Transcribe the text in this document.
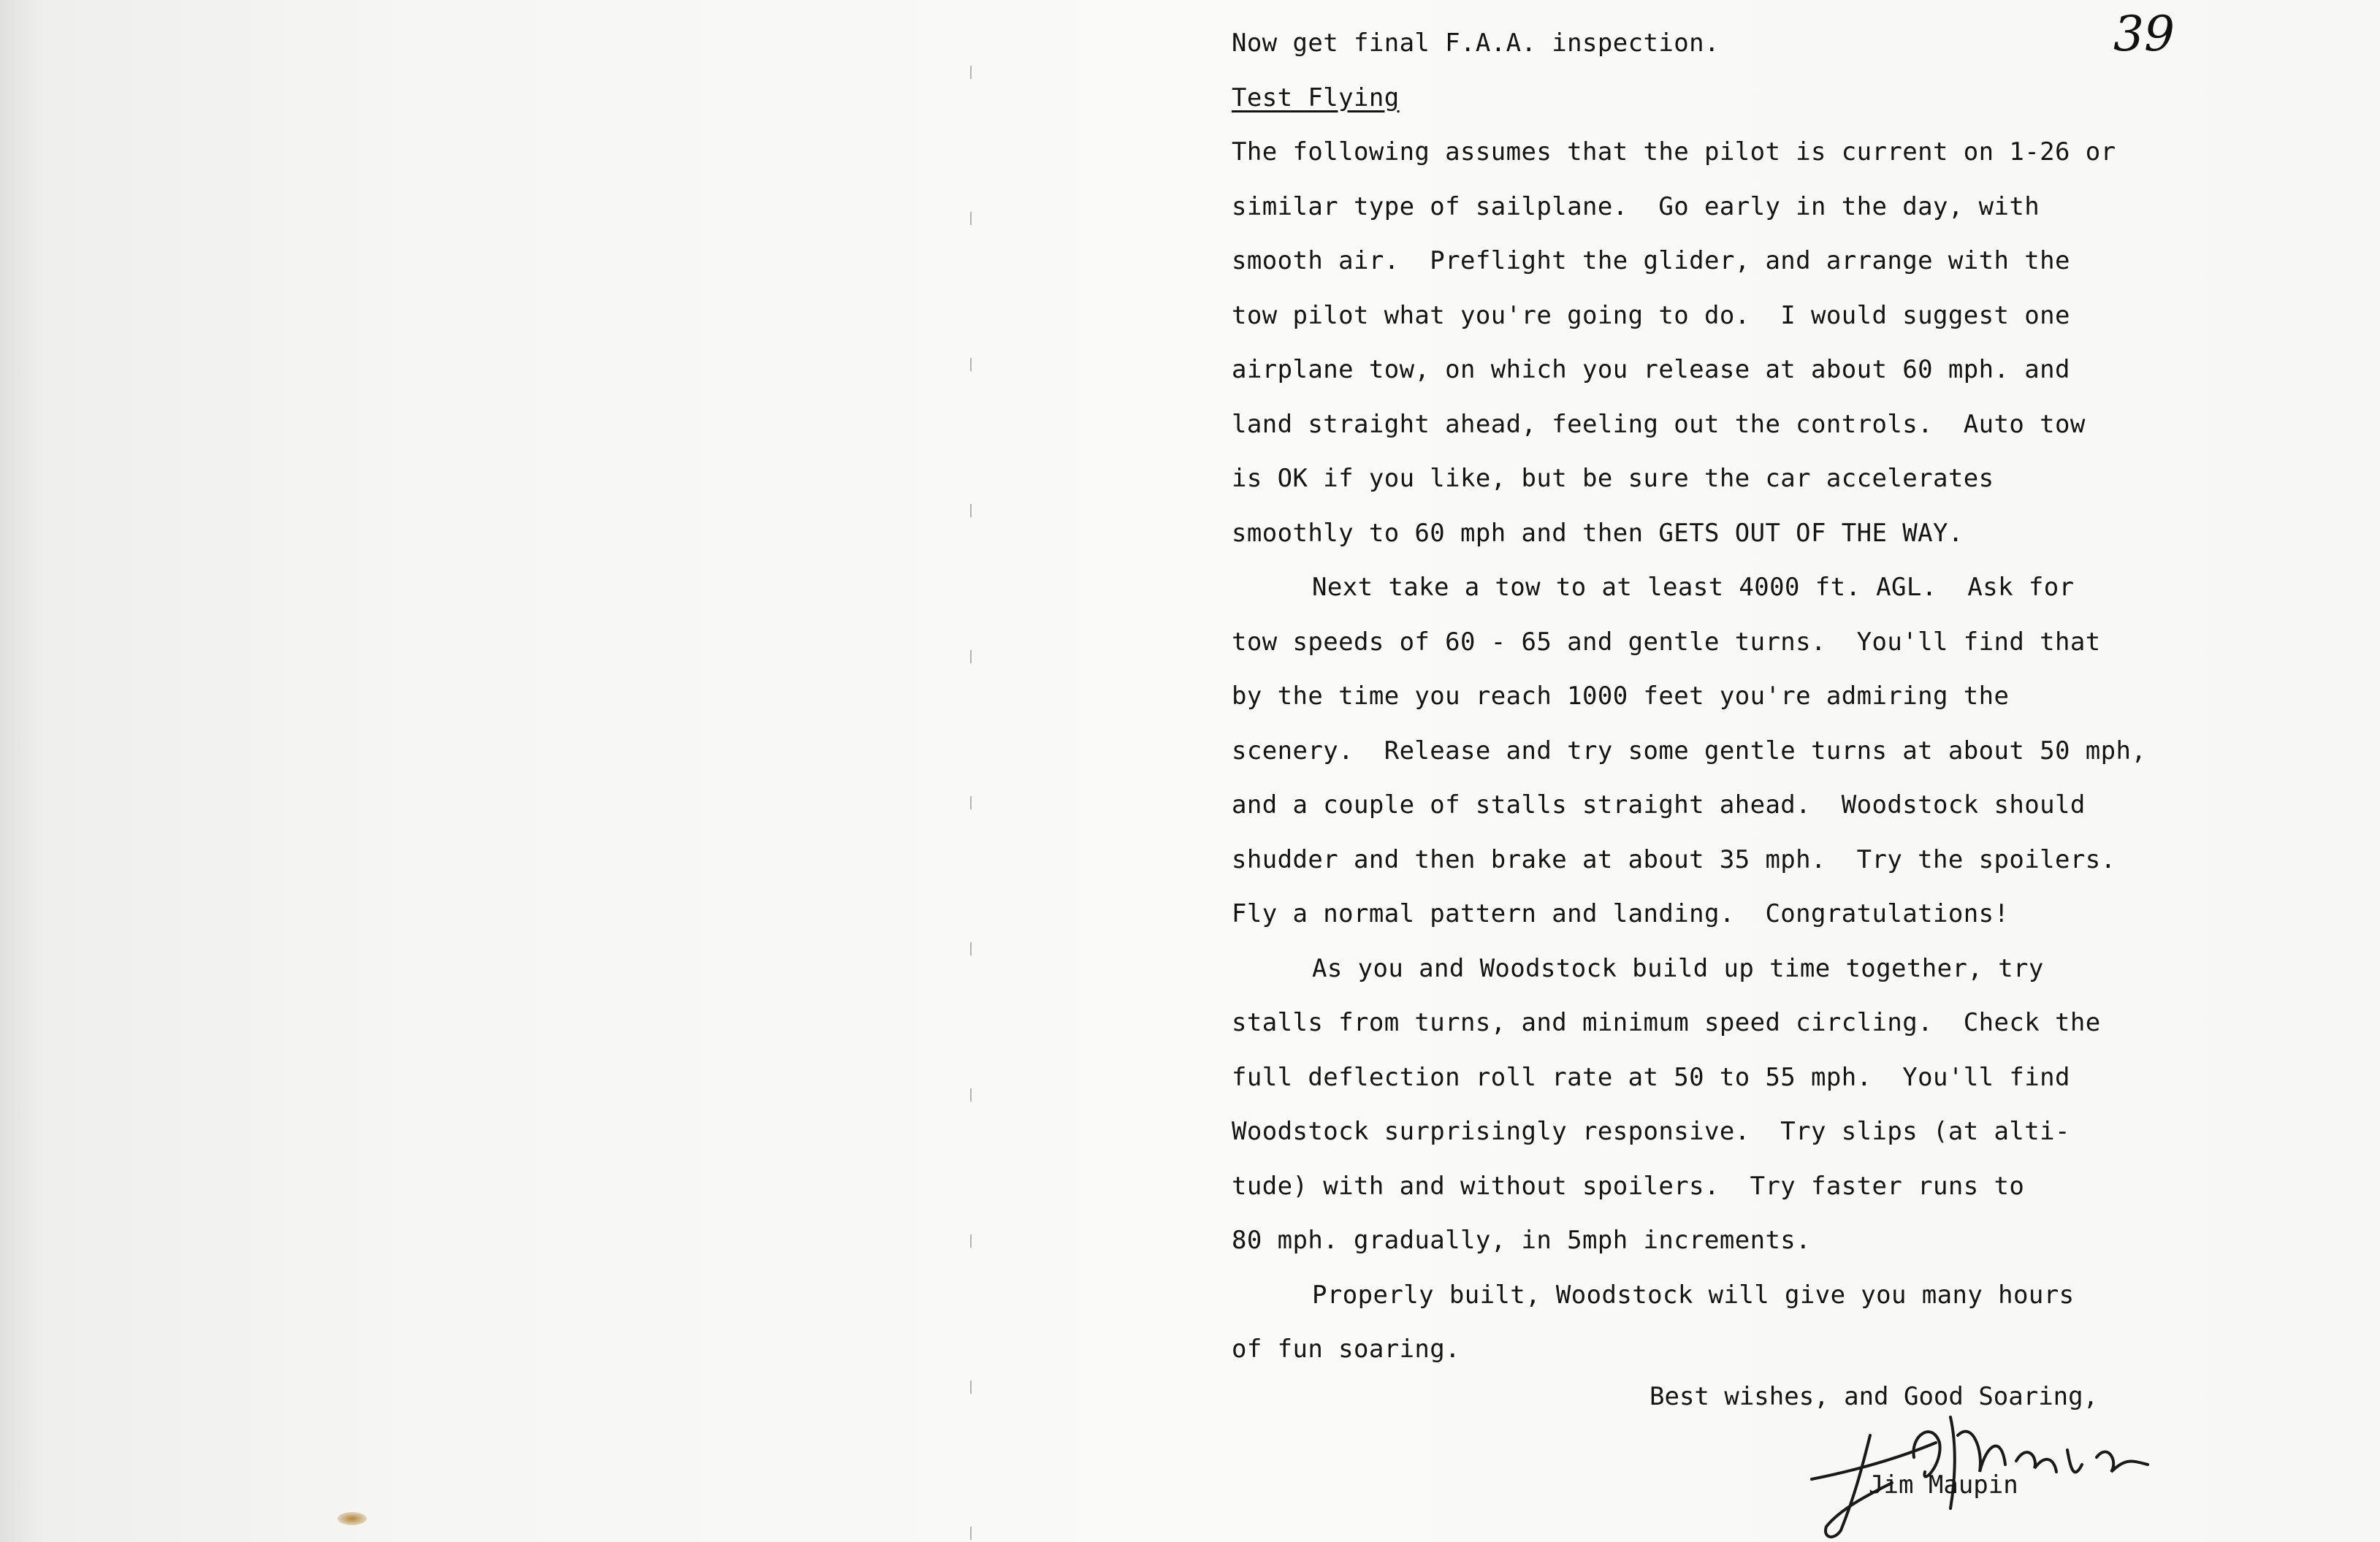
39
Now get final F.A.A. inspection.
Test Flying
The following assumes that the pilot is current on 1-26 or
similar type of sailplane.  Go early in the day, with
smooth air.  Preflight the glider, and arrange with the
tow pilot what you're going to do.  I would suggest one
airplane tow, on which you release at about 60 mph. and
land straight ahead, feeling out the controls.  Auto tow
is OK if you like, but be sure the car accelerates
smoothly to 60 mph and then GETS OUT OF THE WAY.
Next take a tow to at least 4000 ft. AGL.  Ask for
tow speeds of 60 - 65 and gentle turns.  You'll find that
by the time you reach 1000 feet you're admiring the
scenery.  Release and try some gentle turns at about 50 mph,
and a couple of stalls straight ahead.  Woodstock should
shudder and then brake at about 35 mph.  Try the spoilers.
Fly a normal pattern and landing.  Congratulations!
As you and Woodstock build up time together, try
stalls from turns, and minimum speed circling.  Check the
full deflection roll rate at 50 to 55 mph.  You'll find
Woodstock surprisingly responsive.  Try slips (at alti-
tude) with and without spoilers.  Try faster runs to
80 mph. gradually, in 5mph increments.
Properly built, Woodstock will give you many hours
of fun soaring.
Best wishes, and Good Soaring,
Jim Maupin
